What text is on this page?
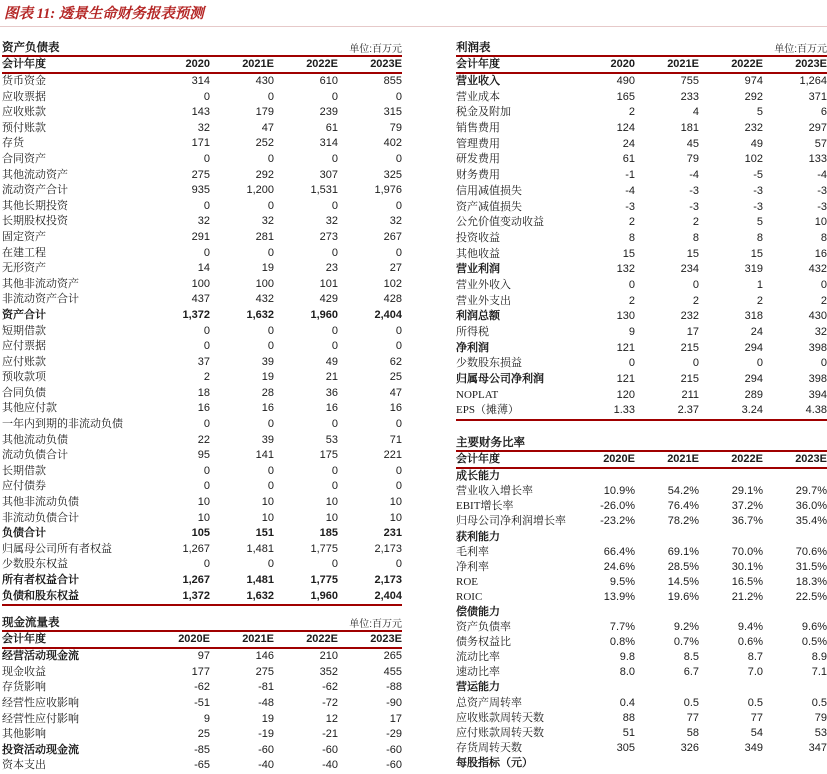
图表 11: 透景生命财务报表预测
资产负债表	单位:百万元
会计年度	2020	2021E	2022E	2023E
货币资金	314	430	610	855
应收票据	0	0	0	0
应收账款	143	179	239	315
预付账款	32	47	61	79
存货	171	252	314	402
合同资产	0	0	0	0
其他流动资产	275	292	307	325
流动资产合计	935	1,200	1,531	1,976
其他长期投资	0	0	0	0
长期股权投资	32	32	32	32
固定资产	291	281	273	267
在建工程	0	0	0	0
无形资产	14	19	23	27
其他非流动资产	100	100	101	102
非流动资产合计	437	432	429	428
资产合计	1,372	1,632	1,960	2,404
短期借款	0	0	0	0
应付票据	0	0	0	0
应付账款	37	39	49	62
预收款项	2	19	21	25
合同负债	18	28	36	47
其他应付款	16	16	16	16
一年内到期的非流动负债	0	0	0	0
其他流动负债	22	39	53	71
流动负债合计	95	141	175	221
长期借款	0	0	0	0
应付债券	0	0	0	0
其他非流动负债	10	10	10	10
非流动负债合计	10	10	10	10
负债合计	105	151	185	231
归属母公司所有者权益	1,267	1,481	1,775	2,173
少数股东权益	0	0	0	0
所有者权益合计	1,267	1,481	1,775	2,173
负债和股东权益	1,372	1,632	1,960	2,404
现金流量表	单位:百万元
会计年度	2020E	2021E	2022E	2023E
经营活动现金流	97	146	210	265
现金收益	177	275	352	455
存货影响	-62	-81	-62	-88
经营性应收影响	-51	-48	-72	-90
经营性应付影响	9	19	12	17
其他影响	25	-19	-21	-29
投资活动现金流	-85	-60	-60	-60
资本支出	-65	-40	-40	-60
利润表	单位:百万元
会计年度	2020	2021E	2022E	2023E
营业收入	490	755	974	1,264
营业成本	165	233	292	371
税金及附加	2	4	5	6
销售费用	124	181	232	297
管理费用	24	45	49	57
研发费用	61	79	102	133
财务费用	-1	-4	-5	-4
信用减值损失	-4	-3	-3	-3
资产减值损失	-3	-3	-3	-3
公允价值变动收益	2	2	5	10
投资收益	8	8	8	8
其他收益	15	15	15	16
营业利润	132	234	319	432
营业外收入	0	0	1	0
营业外支出	2	2	2	2
利润总额	130	232	318	430
所得税	9	17	24	32
净利润	121	215	294	398
少数股东损益	0	0	0	0
归属母公司净利润	121	215	294	398
NOPLAT	120	211	289	394
EPS（摊薄）	1.33	2.37	3.24	4.38
主要财务比率
会计年度	2020E	2021E	2022E	2023E
成长能力
营业收入增长率	10.9%	54.2%	29.1%	29.7%
EBIT增长率	-26.0%	76.4%	37.2%	36.0%
归母公司净利润增长率	-23.2%	78.2%	36.7%	35.4%
获利能力
毛利率	66.4%	69.1%	70.0%	70.6%
净利率	24.6%	28.5%	30.1%	31.5%
ROE	9.5%	14.5%	16.5%	18.3%
ROIC	13.9%	19.6%	21.2%	22.5%
偿债能力
资产负债率	7.7%	9.2%	9.4%	9.6%
债务权益比	0.8%	0.7%	0.6%	0.5%
流动比率	9.8	8.5	8.7	8.9
速动比率	8.0	6.7	7.0	7.1
营运能力
总资产周转率	0.4	0.5	0.5	0.5
应收账款周转天数	88	77	77	79
应付账款周转天数	51	58	54	53
存货周转天数	305	326	349	347
每股指标（元）
